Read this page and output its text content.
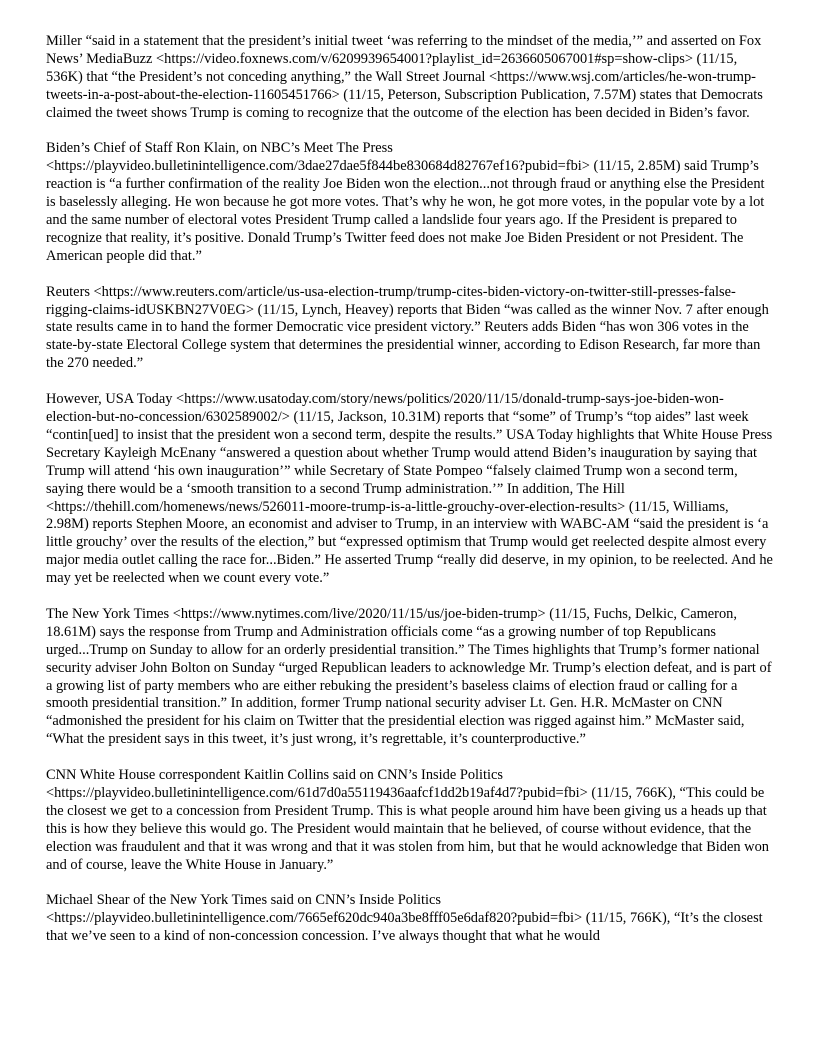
Miller “said in a statement that the president’s initial tweet ‘was referring to the mindset of the media,’” and asserted on Fox News’ MediaBuzz <https://video.foxnews.com/v/6209939654001?playlist_id=2636605067001#sp=show-clips> (11/15, 536K) that “the President’s not conceding anything,” the Wall Street Journal <https://www.wsj.com/articles/he-won-trump-tweets-in-a-post-about-the-election-11605451766> (11/15, Peterson, Subscription Publication, 7.57M) states that Democrats claimed the tweet shows Trump is coming to recognize that the outcome of the election has been decided in Biden’s favor.

Biden’s Chief of Staff Ron Klain, on NBC’s Meet The Press <https://playvideo.bulletinintelligence.com/3dae27dae5f844be830684d82767ef16?pubid=fbi> (11/15, 2.85M) said Trump’s reaction is “a further confirmation of the reality Joe Biden won the election...not through fraud or anything else the President is baselessly alleging. He won because he got more votes. That’s why he won, he got more votes, in the popular vote by a lot and the same number of electoral votes President Trump called a landslide four years ago. If the President is prepared to recognize that reality, it’s positive. Donald Trump’s Twitter feed does not make Joe Biden President or not President. The American people did that.”

Reuters <https://www.reuters.com/article/us-usa-election-trump/trump-cites-biden-victory-on-twitter-still-presses-false-rigging-claims-idUSKBN27V0EG> (11/15, Lynch, Heavey) reports that Biden “was called as the winner Nov. 7 after enough state results came in to hand the former Democratic vice president victory.” Reuters adds Biden “has won 306 votes in the state-by-state Electoral College system that determines the presidential winner, according to Edison Research, far more than the 270 needed.”

However, USA Today <https://www.usatoday.com/story/news/politics/2020/11/15/donald-trump-says-joe-biden-won-election-but-no-concession/6302589002/> (11/15, Jackson, 10.31M) reports that “some” of Trump’s “top aides” last week “contin[ued] to insist that the president won a second term, despite the results.” USA Today highlights that White House Press Secretary Kayleigh McEnany “answered a question about whether Trump would attend Biden’s inauguration by saying that Trump will attend ‘his own inauguration’” while Secretary of State Pompeo “falsely claimed Trump won a second term, saying there would be a ‘smooth transition to a second Trump administration.’” In addition, The Hill <https://thehill.com/homenews/news/526011-moore-trump-is-a-little-grouchy-over-election-results> (11/15, Williams, 2.98M) reports Stephen Moore, an economist and adviser to Trump, in an interview with WABC-AM “said the president is ‘a little grouchy’ over the results of the election,” but “expressed optimism that Trump would get reelected despite almost every major media outlet calling the race for...Biden.” He asserted Trump “really did deserve, in my opinion, to be reelected. And he may yet be reelected when we count every vote.”

The New York Times <https://www.nytimes.com/live/2020/11/15/us/joe-biden-trump> (11/15, Fuchs, Delkic, Cameron, 18.61M) says the response from Trump and Administration officials come “as a growing number of top Republicans urged...Trump on Sunday to allow for an orderly presidential transition.” The Times highlights that Trump’s former national security adviser John Bolton on Sunday “urged Republican leaders to acknowledge Mr. Trump’s election defeat, and is part of a growing list of party members who are either rebuking the president’s baseless claims of election fraud or calling for a smooth presidential transition.” In addition, former Trump national security adviser Lt. Gen. H.R. McMaster on CNN “admonished the president for his claim on Twitter that the presidential election was rigged against him.” McMaster said, “What the president says in this tweet, it’s just wrong, it’s regrettable, it’s counterproductive.”

CNN White House correspondent Kaitlin Collins said on CNN’s Inside Politics <https://playvideo.bulletinintelligence.com/61d7d0a55119436aafcf1dd2b19af4d7?pubid=fbi> (11/15, 766K), “This could be the closest we get to a concession from President Trump. This is what people around him have been giving us a heads up that this is how they believe this would go. The President would maintain that he believed, of course without evidence, that the election was fraudulent and that it was wrong and that it was stolen from him, but that he would acknowledge that Biden won and of course, leave the White House in January.”

Michael Shear of the New York Times said on CNN’s Inside Politics <https://playvideo.bulletinintelligence.com/7665ef620dc940a3be8fff05e6daf820?pubid=fbi> (11/15, 766K), “It’s the closest that we’ve seen to a kind of non-concession concession. I’ve always thought that what he would
